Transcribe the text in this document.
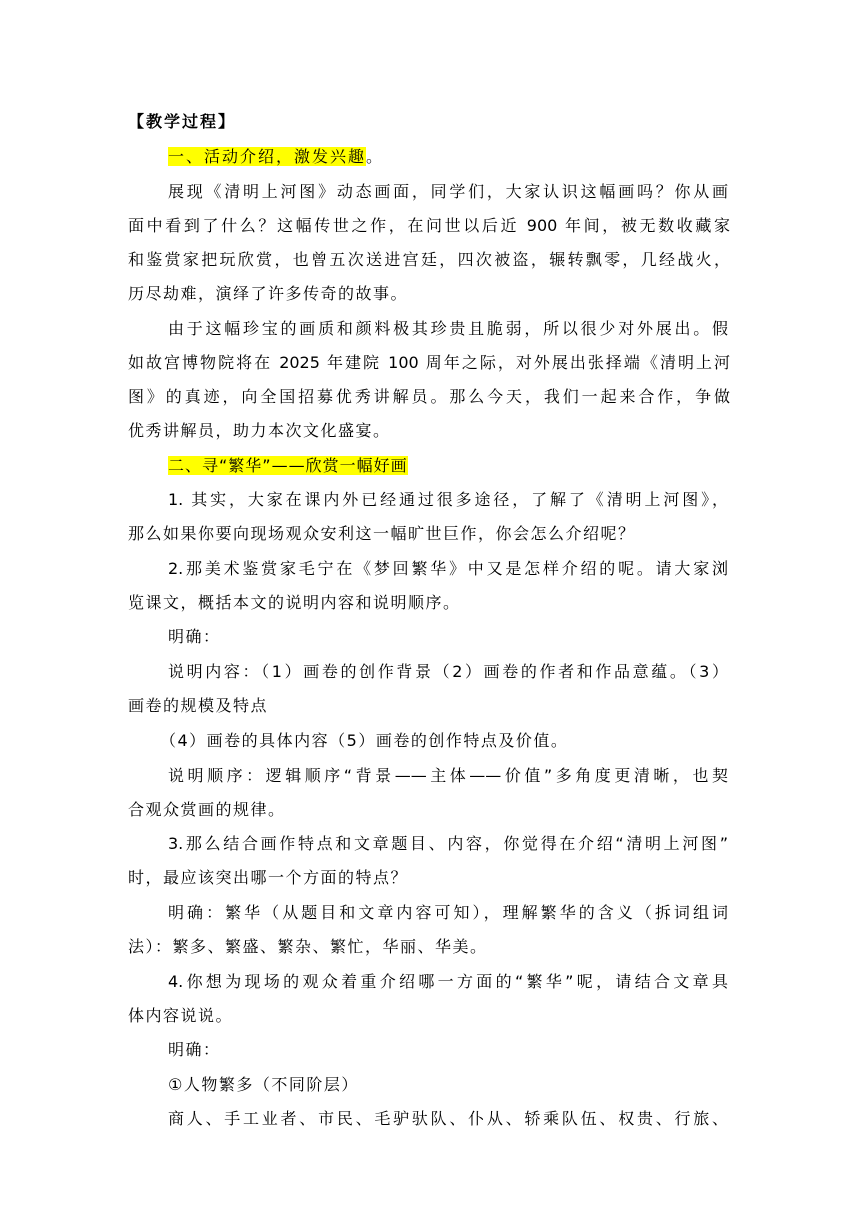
【教学过程】
一、活动介绍，激发兴趣。
展现《清明上河图》动态画面，同学们，大家认识这幅画吗？你从画
面中看到了什么？这幅传世之作，在问世以后近 900 年间，被无数收藏家
和鉴赏家把玩欣赏，也曾五次送进宫廷，四次被盗，辗转飘零，几经战火，
历尽劫难，演绎了许多传奇的故事。
由于这幅珍宝的画质和颜料极其珍贵且脆弱，所以很少对外展出。假
如故宫博物院将在 2025 年建院 100 周年之际，对外展出张择端《清明上河
图》的真迹，向全国招募优秀讲解员。那么今天，我们一起来合作，争做
优秀讲解员，助力本次文化盛宴。
二、寻“繁华”——欣赏一幅好画
1. 其实，大家在课内外已经通过很多途径，了解了《清明上河图》，
那么如果你要向现场观众安利这一幅旷世巨作，你会怎么介绍呢？
2.那美术鉴赏家毛宁在《梦回繁华》中又是怎样介绍的呢。请大家浏
览课文，概括本文的说明内容和说明顺序。
明确：
说明内容：（1）画卷的创作背景（2）画卷的作者和作品意蕴。（3）
画卷的规模及特点
（4）画卷的具体内容（5）画卷的创作特点及价值。
说明顺序：逻辑顺序“背景——主体——价值”多角度更清晰，也契
合观众赏画的规律。
3.那么结合画作特点和文章题目、内容，你觉得在介绍“清明上河图”
时，最应该突出哪一个方面的特点？
明确：繁华（从题目和文章内容可知），理解繁华的含义（拆词组词
法）：繁多、繁盛、繁杂、繁忙，华丽、华美。
4.你想为现场的观众着重介绍哪一方面的“繁华”呢，请结合文章具
体内容说说。
明确：
①人物繁多（不同阶层）
商人、手工业者、市民、毛驴驮队、仆从、轿乘队伍、权贵、行旅、
